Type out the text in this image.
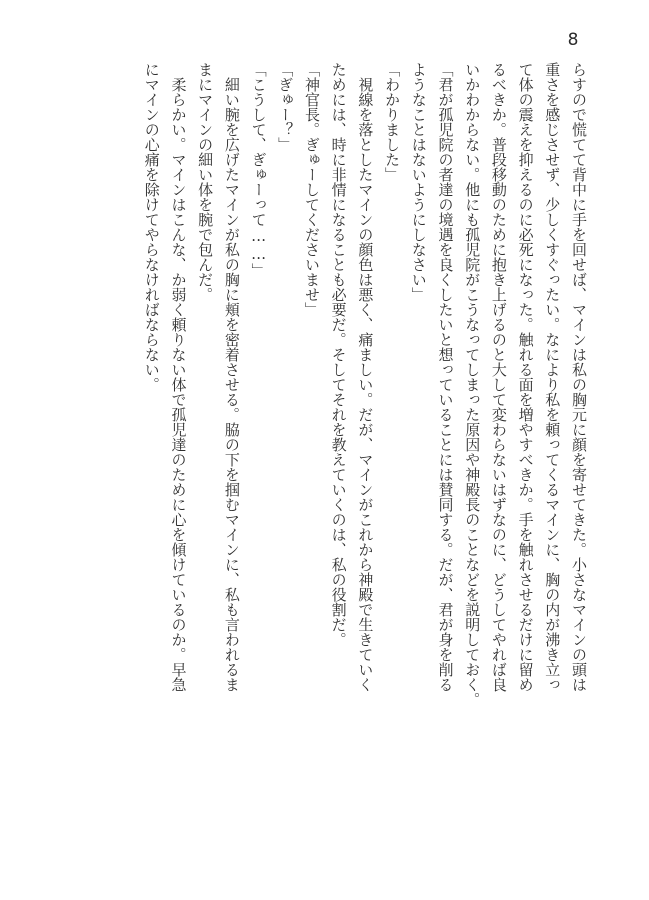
8
らすので慌てて背中に手を回せば、マインは私の胸元に顔を寄せてきた。小さなマインの頭は
重さを感じさせず、少しくすぐったい。なにより私を頼ってくるマインに、胸の内が沸き立っ
て体の震えを抑えるのに必死になった。触れる面を増やすべきか。手を触れさせるだけに留め
るべきか。普段移動のために抱き上げるのと大して変わらないはずなのに、どうしてやれば良
いかわからない。他にも孤児院がこうなってしまった原因や神殿長のことなどを説明しておく。
「君が孤児院の者達の境遇を良くしたいと想っていることには賛同する。だが、君が身を削る
ようなことはないようにしなさい」
「わかりました」
　視線を落としたマインの顔色は悪く、痛ましい。だが、マインがこれから神殿で生きていく
ためには、時に非情になることも必要だ。そしてそれを教えていくのは、私の役割だ。
「神官長。ぎゅーしてくださいませ」
「ぎゅー？」
「こうして、ぎゅーって……」
　細い腕を広げたマインが私の胸に頬を密着させる。脇の下を掴むマインに、私も言われるま
まにマインの細い体を腕で包んだ。
　柔らかい。マインはこんな、か弱く頼りない体で孤児達のために心を傾けているのか。早急
にマインの心痛を除けてやらなければならない。
